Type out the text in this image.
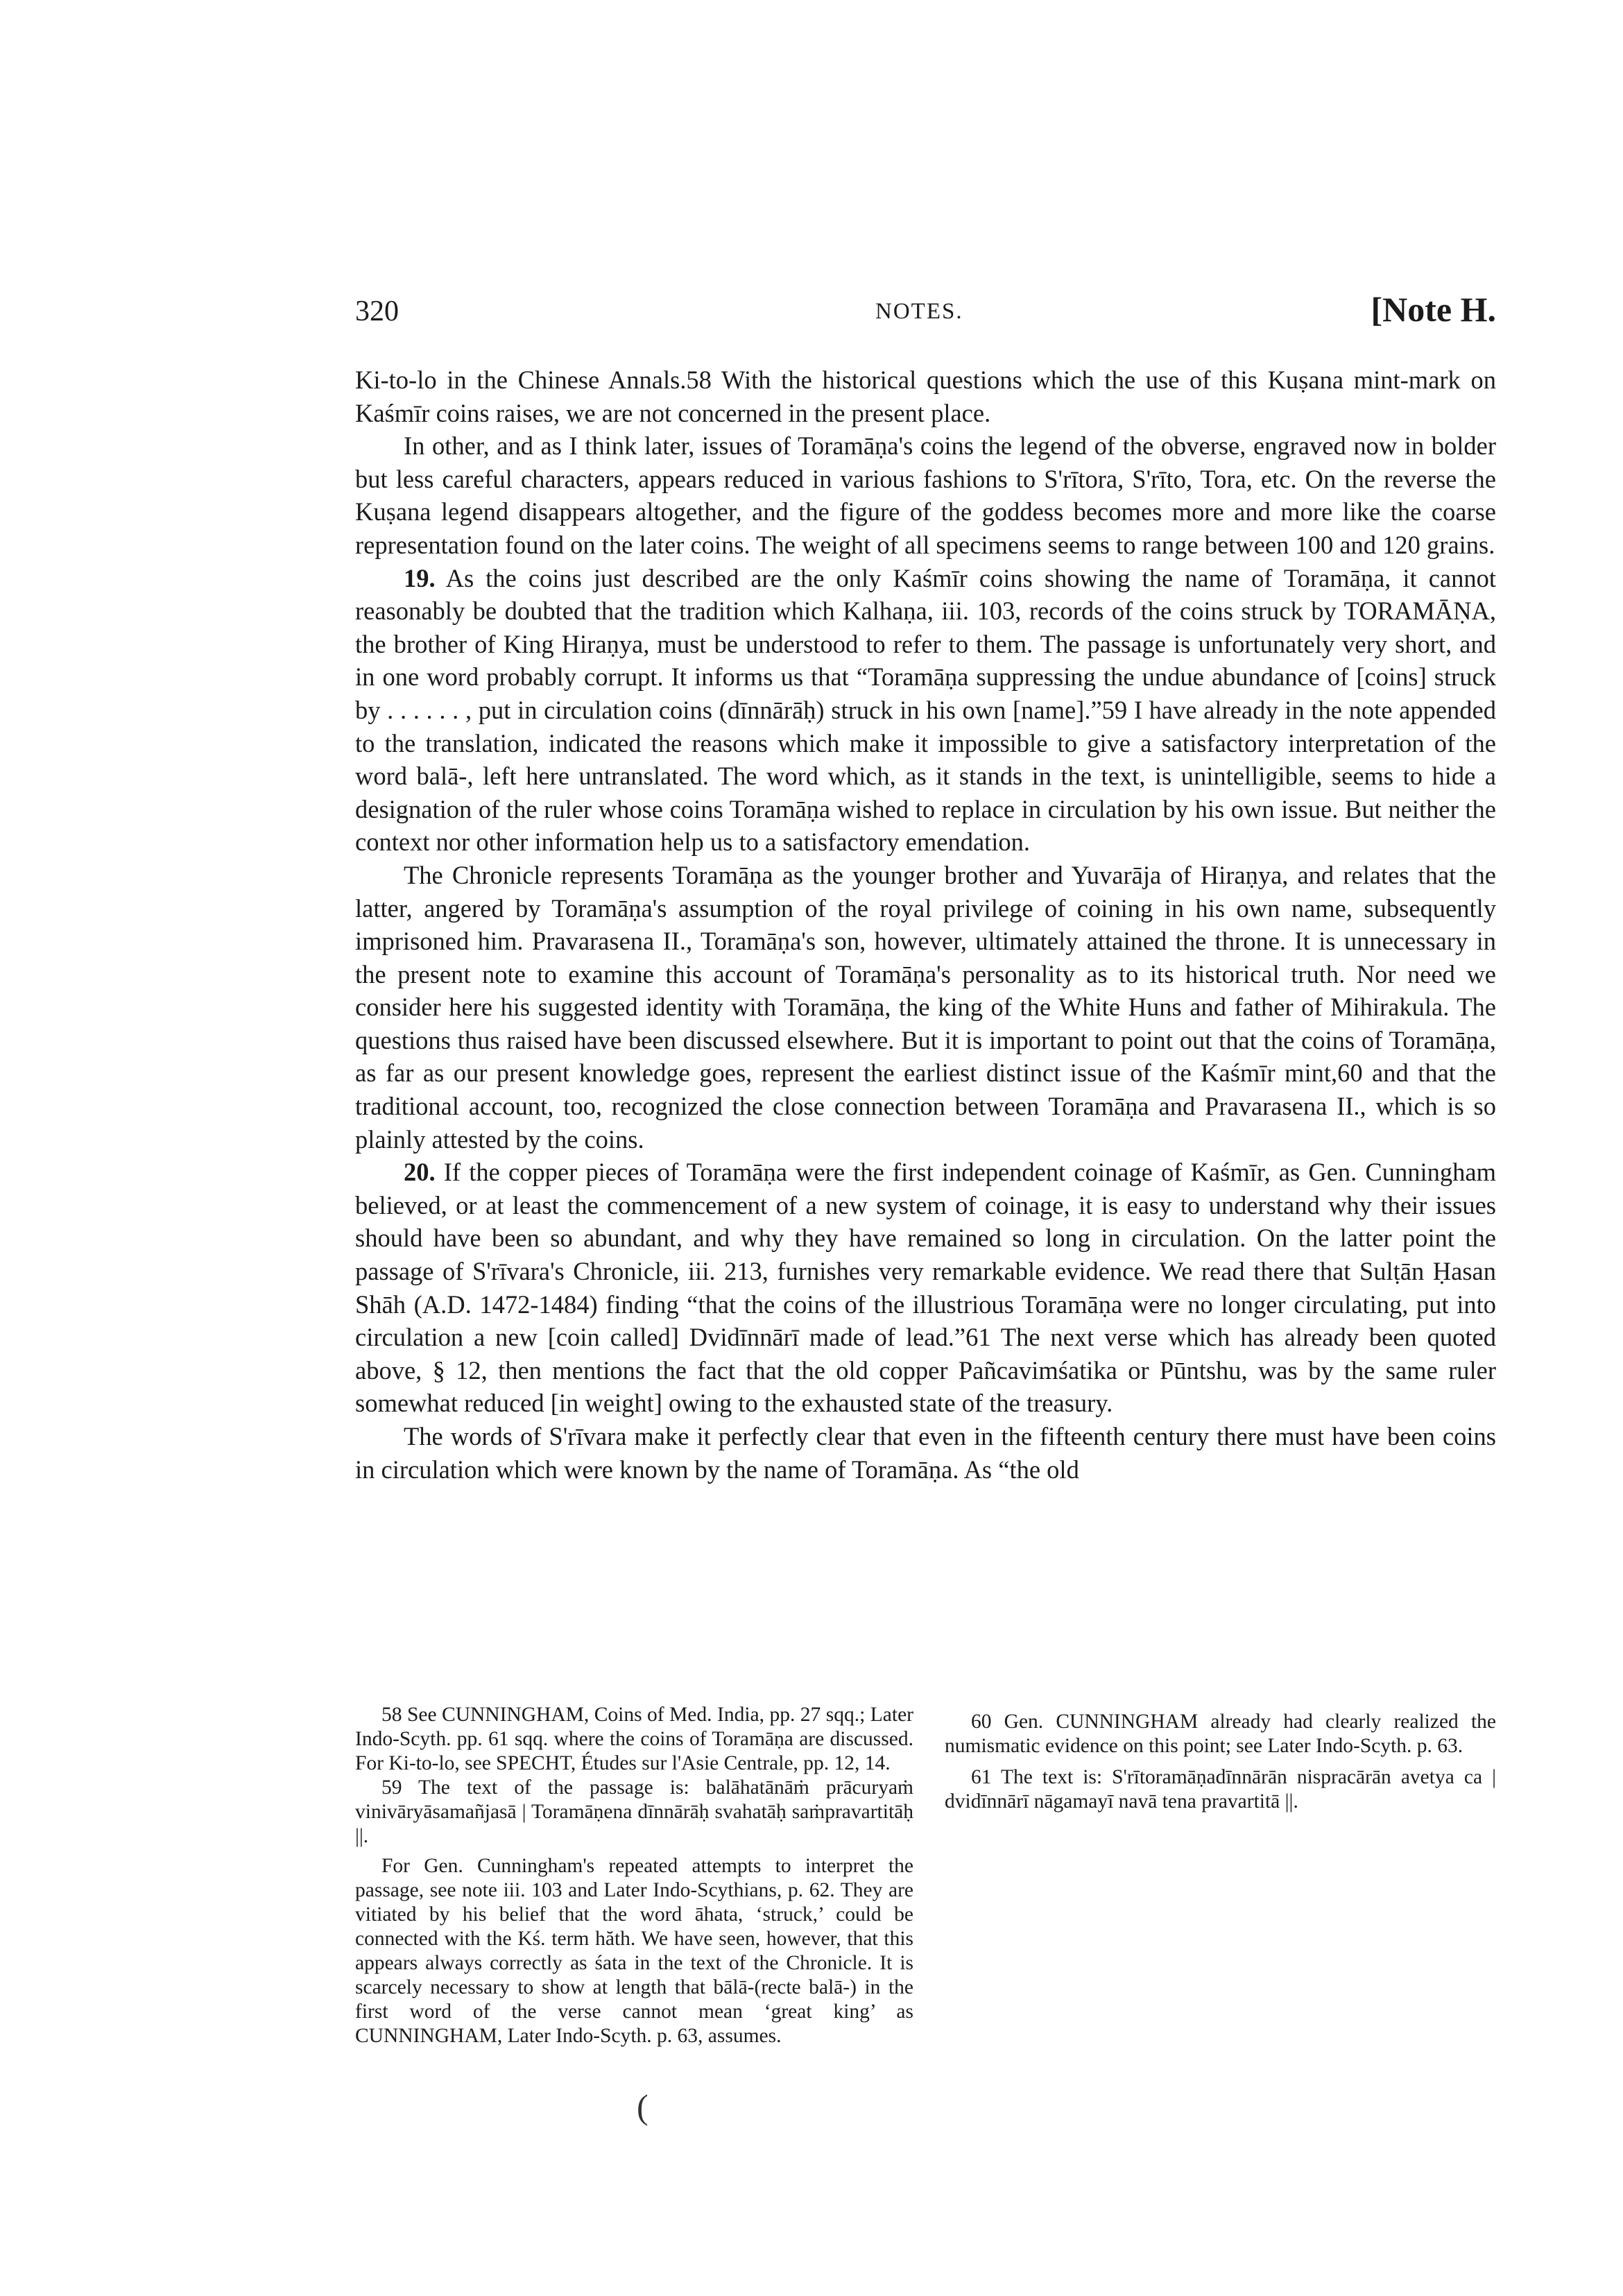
320	NOTES.	[Note H.

Ki-to-lo in the Chinese Annals.58 With the historical questions which the use of this Kuṣana mint-mark on Kaśmīr coins raises, we are not concerned in the present place.

In other, and as I think later, issues of Toramāṇa's coins the legend of the obverse, engraved now in bolder but less careful characters, appears reduced in various fashions to S'rītora, S'rīto, Tora, etc. On the reverse the Kuṣana legend disappears altogether, and the figure of the goddess becomes more and more like the coarse representation found on the later coins. The weight of all specimens seems to range between 100 and 120 grains.

19. As the coins just described are the only Kaśmīr coins showing the name of Toramāṇa, it cannot reasonably be doubted that the tradition which Kalhaṇa, iii. 103, records of the coins struck by TORAMĀṆA, the brother of King Hiraṇya, must be understood to refer to them. The passage is unfortunately very short, and in one word probably corrupt. It informs us that “Toramāṇa suppressing the undue abundance of [coins] struck by . . . . . . , put in circulation coins (dīnnārāḥ) struck in his own [name].”59 I have already in the note appended to the translation, indicated the reasons which make it impossible to give a satisfactory interpretation of the word balā-, left here untranslated. The word which, as it stands in the text, is unintelligible, seems to hide a designation of the ruler whose coins Toramāṇa wished to replace in circulation by his own issue. But neither the context nor other information help us to a satisfactory emendation.

The Chronicle represents Toramāṇa as the younger brother and Yuvarāja of Hiraṇya, and relates that the latter, angered by Toramāṇa's assumption of the royal privilege of coining in his own name, subsequently imprisoned him. Pravarasena II., Toramāṇa's son, however, ultimately attained the throne. It is unnecessary in the present note to examine this account of Toramāṇa's personality as to its historical truth. Nor need we consider here his suggested identity with Toramāṇa, the king of the White Huns and father of Mihirakula. The questions thus raised have been discussed elsewhere. But it is important to point out that the coins of Toramāṇa, as far as our present knowledge goes, represent the earliest distinct issue of the Kaśmīr mint,60 and that the traditional account, too, recognized the close connection between Toramāṇa and Pravarasena II., which is so plainly attested by the coins.

20. If the copper pieces of Toramāṇa were the first independent coinage of Kaśmīr, as Gen. Cunningham believed, or at least the commencement of a new system of coinage, it is easy to understand why their issues should have been so abundant, and why they have remained so long in circulation. On the latter point the passage of S'rīvara's Chronicle, iii. 213, furnishes very remarkable evidence. We read there that Sulṭān Ḥasan Shāh (A.D. 1472-1484) finding “that the coins of the illustrious Toramāṇa were no longer circulating, put into circulation a new [coin called] Dvidīnnārī made of lead.”61 The next verse which has already been quoted above, § 12, then mentions the fact that the old copper Pañcavimśatika or Pūntshu, was by the same ruler somewhat reduced [in weight] owing to the exhausted state of the treasury.

The words of S'rīvara make it perfectly clear that even in the fifteenth century there must have been coins in circulation which were known by the name of Toramāṇa. As “the old

58 See CUNNINGHAM, Coins of Med. India, pp. 27 sqq.; Later Indo-Scyth. pp. 61 sqq. where the coins of Toramāṇa are discussed. For Ki-to-lo, see SPECHT, Études sur l'Asie Centrale, pp. 12, 14.

59 The text of the passage is: balāhatānāṁ prācuryaṁ vinivāryāsamañjasā | Toramāṇena dīnnārāḥ svahatāḥ saṁpravartitāḥ ||.

For Gen. Cunningham's repeated attempts to interpret the passage, see note iii. 103 and Later Indo-Scythians, p. 62. They are vitiated by his belief that the word āhata, ‘struck,’ could be connected with the Kś. term hăth. We have seen, however, that this appears always correctly as śata in the text of the Chronicle. It is scarcely necessary to show at length that bālā-(recte balā-) in the first word of the verse cannot mean ‘great king’ as CUNNINGHAM, Later Indo-Scyth. p. 63, assumes.

60 Gen. CUNNINGHAM already had clearly realized the numismatic evidence on this point; see Later Indo-Scyth. p. 63.

61 The text is: S'rītoramāṇadīnnārān nispracārān avetya ca | dvidīnnārī nāgamayī navā tena pravartitā ||.

(
